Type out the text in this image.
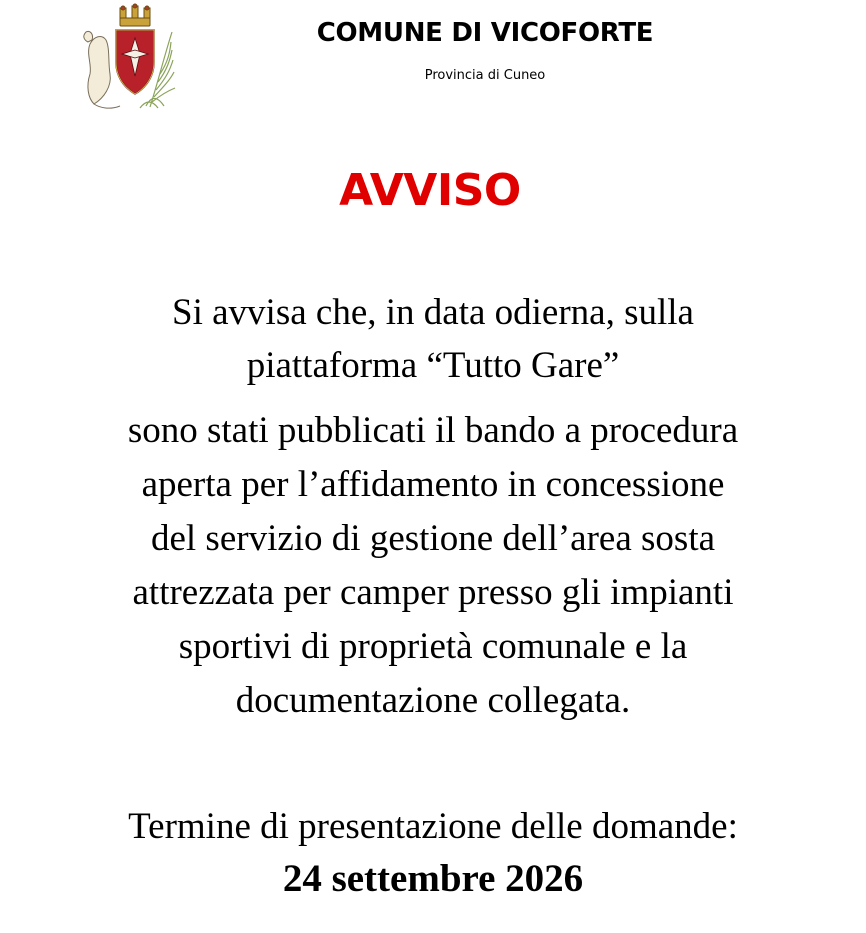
COMUNE DI VICOFORTE
Provincia di Cuneo
AVVISO
Si avvisa che, in data odierna, sulla
piattaforma “Tutto Gare”
sono stati pubblicati il bando a procedura
aperta per l’affidamento in concessione
del servizio di gestione dell’area sosta
attrezzata per camper presso gli impianti
sportivi di proprietà comunale e la
documentazione collegata.
Termine di presentazione delle domande:
24 settembre 2026
